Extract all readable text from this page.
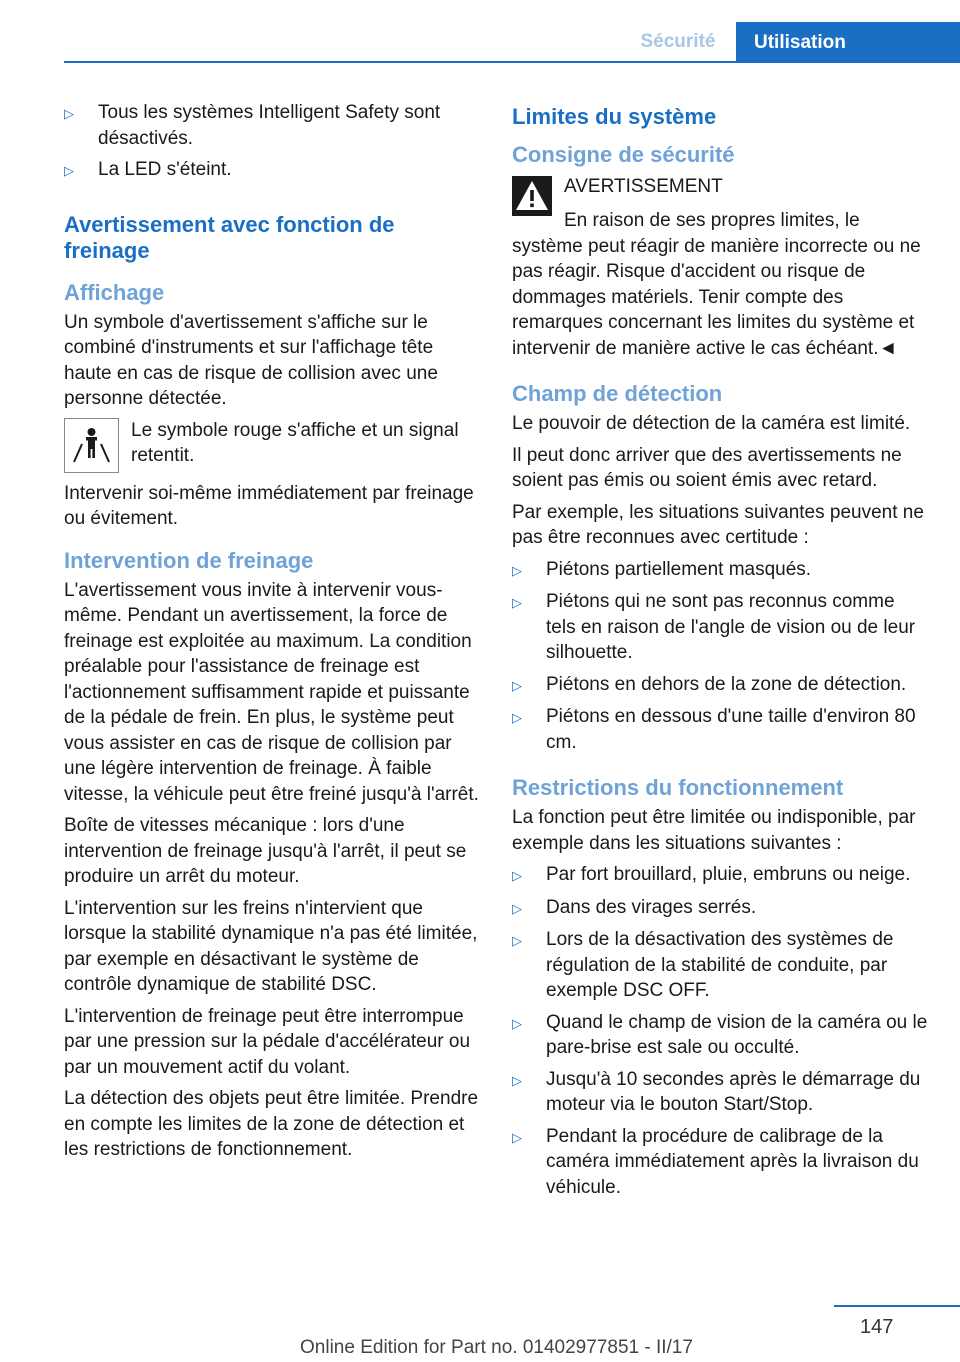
Sécurité	Utilisation
▷	Tous les systèmes Intelligent Safety sont désactivés.
▷	La LED s'éteint.
Avertissement avec fonction de freinage
Affichage

Un symbole d'avertissement s'affiche sur le combiné d'instruments et sur l'affichage tête haute en cas de risque de collision avec une personne détectée.

Le symbole rouge s'affiche et un signal retentit.

Intervenir soi-même immédiatement par freinage ou évitement.

Intervention de freinage

L'avertissement vous invite à intervenir vous-même. Pendant un avertissement, la force de freinage est exploitée au maximum. La condition préalable pour l'assistance de freinage est l'actionnement suffisamment rapide et puissante de la pédale de frein. En plus, le système peut vous assister en cas de risque de collision par une légère intervention de freinage. À faible vitesse, la véhicule peut être freiné jusqu'à l'arrêt.

Boîte de vitesses mécanique : lors d'une intervention de freinage jusqu'à l'arrêt, il peut se produire un arrêt du moteur.

L'intervention sur les freins n'intervient que lorsque la stabilité dynamique n'a pas été limitée, par exemple en désactivant le système de contrôle dynamique de stabilité DSC.

L'intervention de freinage peut être interrompue par une pression sur la pédale d'accélérateur ou par un mouvement actif du volant.

La détection des objets peut être limitée. Prendre en compte les limites de la zone de détection et les restrictions de fonctionnement.

Limites du système
Consigne de sécurité
AVERTISSEMENT

En raison de ses propres limites, le système peut réagir de manière incorrecte ou ne pas réagir. Risque d'accident ou risque de dommages matériels. Tenir compte des remarques concernant les limites du système et intervenir de manière active le cas échéant.◄

Champ de détection

Le pouvoir de détection de la caméra est limité.

Il peut donc arriver que des avertissements ne soient pas émis ou soient émis avec retard.

Par exemple, les situations suivantes peuvent ne pas être reconnues avec certitude :

▷	Piétons partiellement masqués.
▷	Piétons qui ne sont pas reconnus comme tels en raison de l'angle de vision ou de leur silhouette.
▷	Piétons en dehors de la zone de détection.
▷	Piétons en dessous d'une taille d'environ 80 cm.
Restrictions du fonctionnement

La fonction peut être limitée ou indisponible, par exemple dans les situations suivantes :

▷	Par fort brouillard, pluie, embruns ou neige.
▷	Dans des virages serrés.
▷	Lors de la désactivation des systèmes de régulation de la stabilité de conduite, par exemple DSC OFF.
▷	Quand le champ de vision de la caméra ou le pare-brise est sale ou occulté.
▷	Jusqu'à 10 secondes après le démarrage du moteur via le bouton Start/Stop.
▷	Pendant la procédure de calibrage de la caméra immédiatement après la livraison du véhicule.
147
Online Edition for Part no. 01402977851 - II/17
